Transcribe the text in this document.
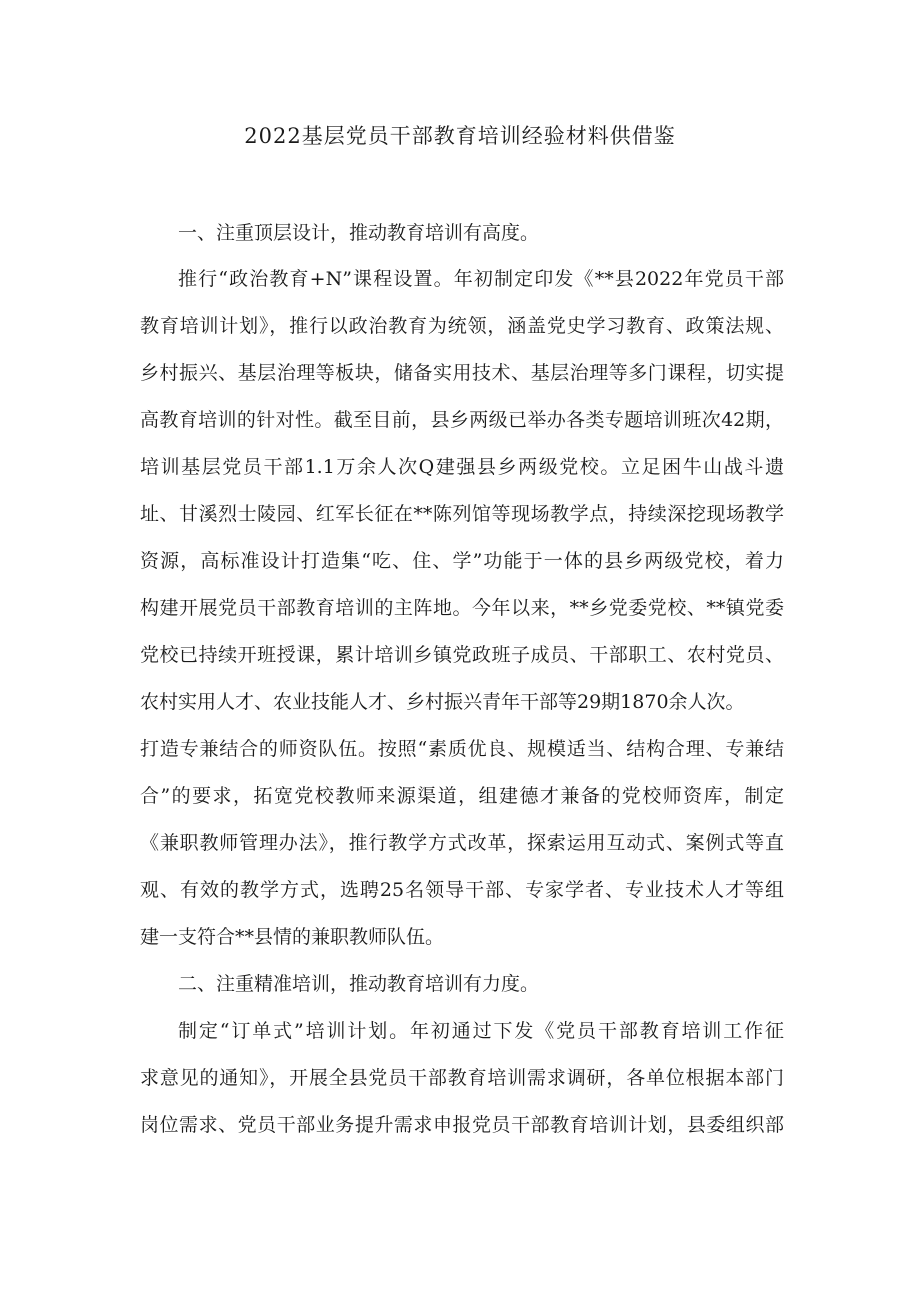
2022基层党员干部教育培训经验材料供借鉴
一、注重顶层设计，推动教育培训有高度。
推行“政治教育+N”课程设置。年初制定印发《**县2022年党员干部
教育培训计划》，推行以政治教育为统领，涵盖党史学习教育、政策法规、
乡村振兴、基层治理等板块，储备实用技术、基层治理等多门课程，切实提
高教育培训的针对性。截至目前，县乡两级已举办各类专题培训班次42期，
培训基层党员干部1.1万余人次Q建强县乡两级党校。立足困牛山战斗遗
址、甘溪烈士陵园、红军长征在**陈列馆等现场教学点，持续深挖现场教学
资源，高标准设计打造集“吃、住、学”功能于一体的县乡两级党校，着力
构建开展党员干部教育培训的主阵地。今年以来，**乡党委党校、**镇党委
党校已持续开班授课，累计培训乡镇党政班子成员、干部职工、农村党员、
农村实用人才、农业技能人才、乡村振兴青年干部等29期1870余人次。
打造专兼结合的师资队伍。按照“素质优良、规模适当、结构合理、专兼结
合”的要求，拓宽党校教师来源渠道，组建德才兼备的党校师资库，制定
《兼职教师管理办法》，推行教学方式改革，探索运用互动式、案例式等直
观、有效的教学方式，选聘25名领导干部、专家学者、专业技术人才等组
建一支符合**县情的兼职教师队伍。
二、注重精准培训，推动教育培训有力度。
制定“订单式”培训计划。年初通过下发《党员干部教育培训工作征
求意见的通知》，开展全县党员干部教育培训需求调研，各单位根据本部门
岗位需求、党员干部业务提升需求申报党员干部教育培训计划，县委组织部
